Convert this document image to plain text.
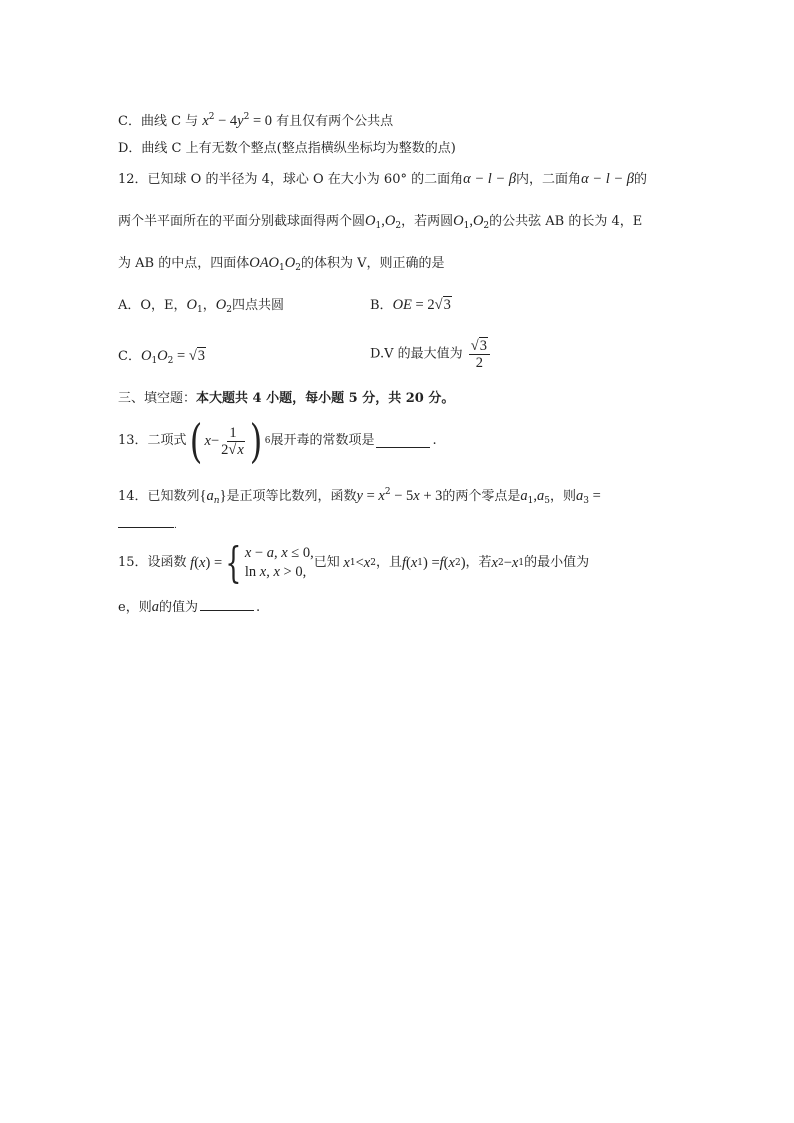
C．曲线 C 与 $x^2 - 4y^2 = 0$ 有且仅有两个公共点
D．曲线 C 上有无数个整点(整点指横纵坐标均为整数的点)
12．已知球 O 的半径为 4，球心 O 在大小为 60° 的二面角α − l − β内，二面角α − l − β的
两个半平面所在的平面分别截球面得两个圆$O_1,O_2$，若两圆$O_1,O_2$的公共弦 AB 的长为 4，E
为 AB 的中点，四面体$OAO_1O_2$的体积为 V，则正确的是
A．O，E，$O_1$，$O_2$四点共圆	B．OE = 2√3
C．$O_1O_2 = √3$	D.V 的最大值为 $\frac{√3}{2}$
三、填空题：本大题共 4 小题，每小题 5 分，共 20 分。
13．二项式 ( $x - \frac{1}{2√x}$ ) 6 展开毒的常数项是	.
14．已知数列$\{a_n\}$是正项等比数列，函数$y = x^2 - 5x + 3$的两个零点是$a_1,a_5$，则$a_3$ =
.
15．设函数 f ( x ) = { x − a, x ≤ 0,
ln x, x > 0,
已知 x 1 < x 2 ，且 f ( x 1 ) = f ( x 2 ) ，若 x 2 − x 1 的最小值为
e，则a的值为	.
